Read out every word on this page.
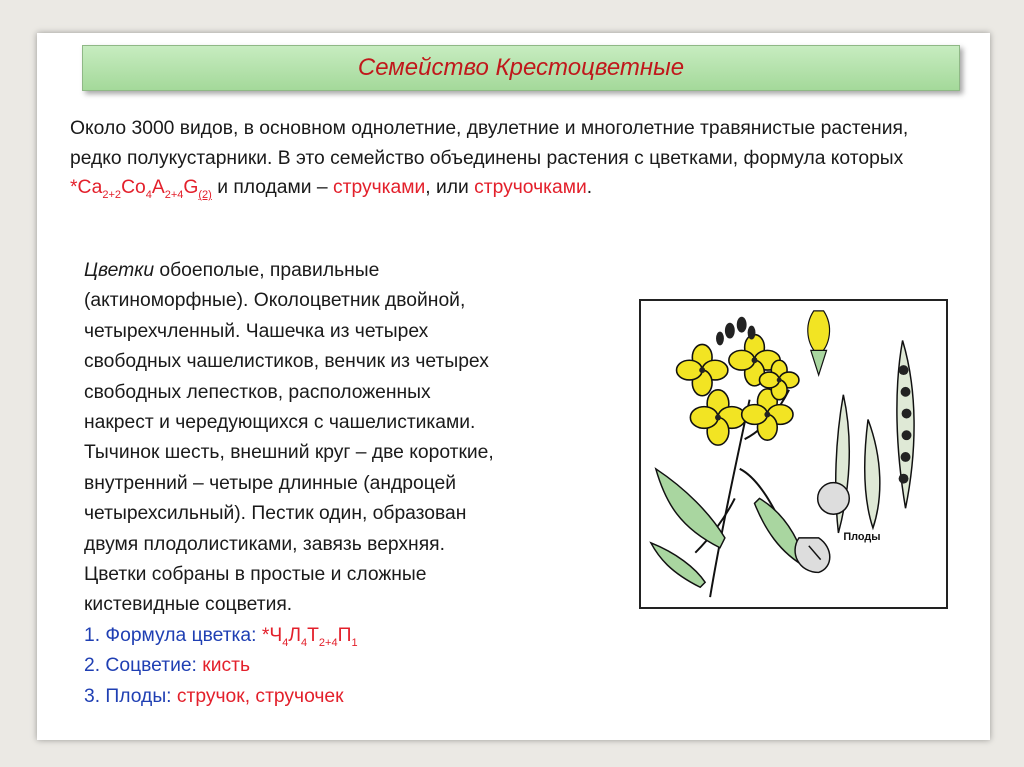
Семейство Крестоцветные

Около 3000 видов, в основном однолетние, двулетние и многолетние травянистые растения, редко полукустарники. В это семейство объединены растения с цветками, формула которых $*Са_{2+2}Со_4А_{2+4}G_{(2)}$ и плодами – стручками, или стручочками.

Цветки обоеполые, правильные
(актиноморфные). Околоцветник двойной,
четырехчленный. Чашечка из четырех
свободных чашелистиков, венчик из четырех
свободных лепестков, расположенных
накрест и чередующихся с чашелистиками.
Тычинок шесть, внешний круг – две короткие,
внутренний – четыре длинные (андроцей
четырехсильный). Пестик один, образован
двумя плодолистиками, завязь верхняя.
Цветки собраны в простые и сложные
кистевидные соцветия.
1. Формула цветка: $*Ч_4Л_4Т_{2+4}П_1$
2. Соцветие: кисть
3. Плоды: стручок, стручочек
Плоды
